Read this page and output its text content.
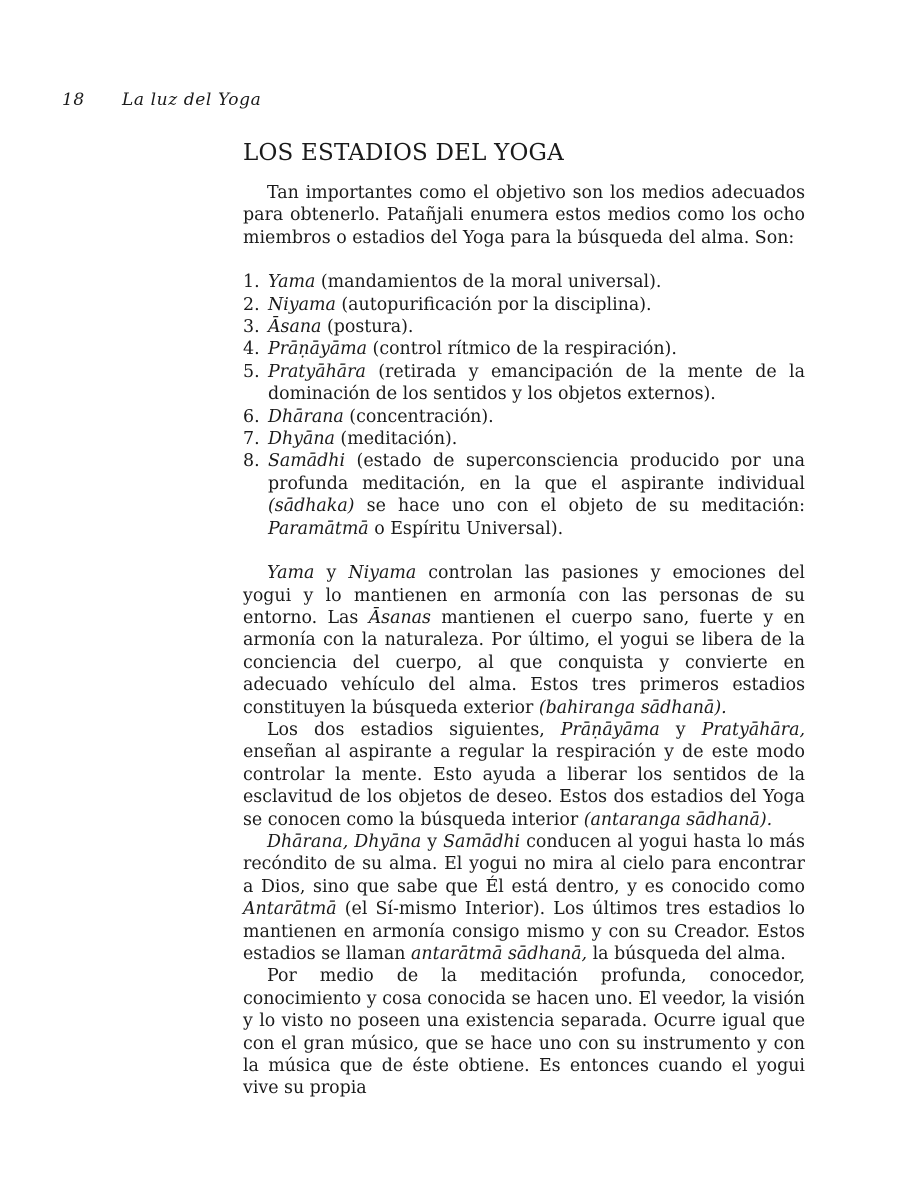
18 La luz del Yoga
LOS ESTADIOS DEL YOGA

Tan importantes como el objetivo son los medios adecuados para obtenerlo. Patañjali enumera estos medios como los ocho miembros o estadios del Yoga para la búsqueda del alma. Son:

1. Yama (mandamientos de la moral universal).
2. Niyama (autopurificación por la disciplina).
3. Āsana (postura).
4. Prāṇāyāma (control rítmico de la respiración).
5. Pratyāhāra (retirada y emancipación de la mente de la dominación de los sentidos y los objetos externos).
6. Dhārana (concentración).
7. Dhyāna (meditación).
8. Samādhi (estado de superconsciencia producido por una profunda meditación, en la que el aspirante individual (sādhaka) se hace uno con el objeto de su meditación: Paramātmā o Espíritu Universal).

Yama y Niyama controlan las pasiones y emociones del yogui y lo mantienen en armonía con las personas de su entorno. Las Āsanas mantienen el cuerpo sano, fuerte y en armonía con la naturaleza. Por último, el yogui se libera de la conciencia del cuerpo, al que conquista y convierte en adecuado vehículo del alma. Estos tres primeros estadios constituyen la búsqueda exterior (bahiranga sādhanā).

Los dos estadios siguientes, Prāṇāyāma y Pratyāhāra, enseñan al aspirante a regular la respiración y de este modo controlar la mente. Esto ayuda a liberar los sentidos de la esclavitud de los objetos de deseo. Estos dos estadios del Yoga se conocen como la búsqueda interior (antaranga sādhanā).

Dhārana, Dhyāna y Samādhi conducen al yogui hasta lo más recóndito de su alma. El yogui no mira al cielo para encontrar a Dios, sino que sabe que Él está dentro, y es conocido como Antarātmā (el Sí-mismo Interior). Los últimos tres estadios lo mantienen en armonía consigo mismo y con su Creador. Estos estadios se llaman antarātmā sādhanā, la búsqueda del alma.

Por medio de la meditación profunda, conocedor, conocimiento y cosa conocida se hacen uno. El veedor, la visión y lo visto no poseen una existencia separada. Ocurre igual que con el gran músico, que se hace uno con su instrumento y con la música que de éste obtiene. Es entonces cuando el yogui vive su propia
